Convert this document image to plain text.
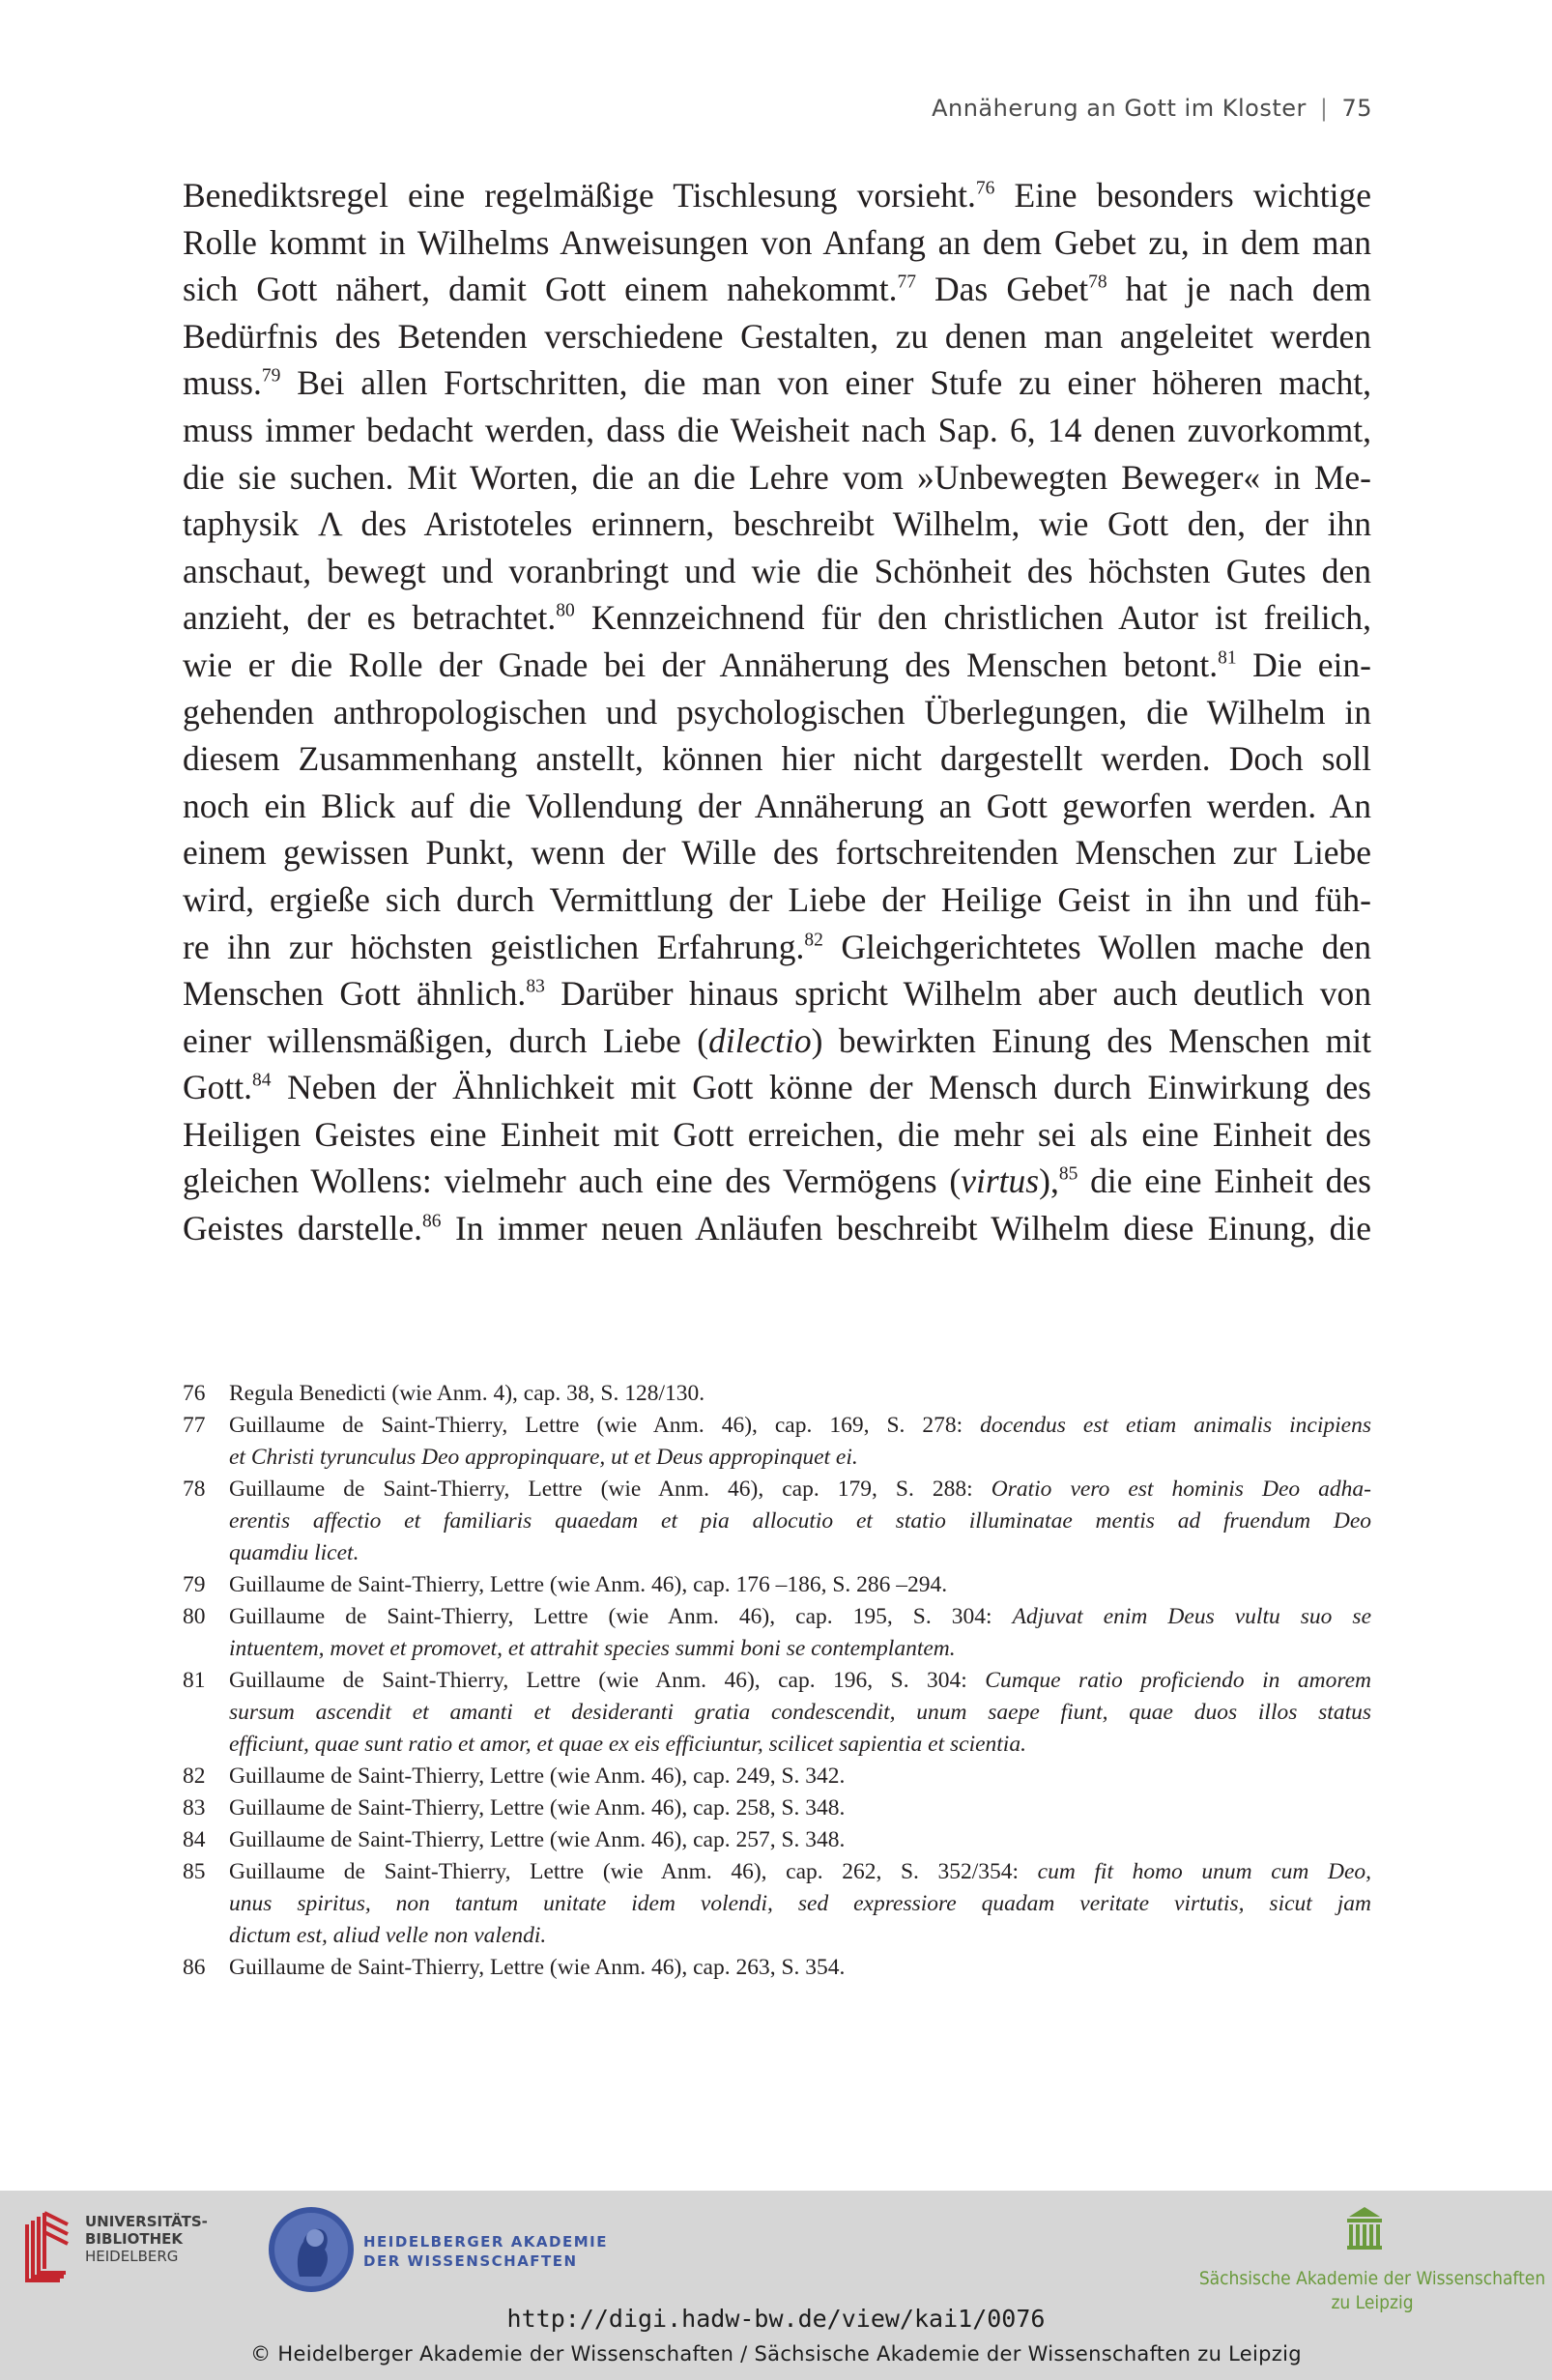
Annäherung an Gott im Kloster | 75

Benediktsregel eine regelmäßige Tischlesung vorsieht.$^{76}$ Eine besonders wichtige
Rolle kommt in Wilhelms Anweisungen von Anfang an dem Gebet zu, in dem man
sich Gott nähert, damit Gott einem nahekommt.$^{77}$ Das Gebet$^{78}$ hat je nach dem
Bedürfnis des Betenden verschiedene Gestalten, zu denen man angeleitet werden
muss.$^{79}$ Bei allen Fortschritten, die man von einer Stufe zu einer höheren macht,
muss immer bedacht werden, dass die Weisheit nach Sap. 6, 14 denen zuvorkommt,
die sie suchen. Mit Worten, die an die Lehre vom »Unbewegten Beweger« in Me-
taphysik Λ des Aristoteles erinnern, beschreibt Wilhelm, wie Gott den, der ihn
anschaut, bewegt und voranbringt und wie die Schönheit des höchsten Gutes den
anzieht, der es betrachtet.$^{80}$ Kennzeichnend für den christlichen Autor ist freilich,
wie er die Rolle der Gnade bei der Annäherung des Menschen betont.$^{81}$ Die ein-
gehenden anthropologischen und psychologischen Überlegungen, die Wilhelm in
diesem Zusammenhang anstellt, können hier nicht dargestellt werden. Doch soll
noch ein Blick auf die Vollendung der Annäherung an Gott geworfen werden. An
einem gewissen Punkt, wenn der Wille des fortschreitenden Menschen zur Liebe
wird, ergieße sich durch Vermittlung der Liebe der Heilige Geist in ihn und füh-
re ihn zur höchsten geistlichen Erfahrung.$^{82}$ Gleichgerichtetes Wollen mache den
Menschen Gott ähnlich.$^{83}$ Darüber hinaus spricht Wilhelm aber auch deutlich von
einer willensmäßigen, durch Liebe (dilectio) bewirkten Einung des Menschen mit
Gott.$^{84}$ Neben der Ähnlichkeit mit Gott könne der Mensch durch Einwirkung des
Heiligen Geistes eine Einheit mit Gott erreichen, die mehr sei als eine Einheit des
gleichen Wollens: vielmehr auch eine des Vermögens (virtus),$^{85}$ die eine Einheit des
Geistes darstelle.$^{86}$ In immer neuen Anläufen beschreibt Wilhelm diese Einung, die

76	Regula Benedicti (wie Anm. 4), cap. 38, S. 128/130.
77	Guillaume de Saint-Thierry, Lettre (wie Anm. 46), cap. 169, S. 278: docendus est etiam animalis incipiens
et Christi tyrunculus Deo appropinquare, ut et Deus appropinquet ei.
78	Guillaume de Saint-Thierry, Lettre (wie Anm. 46), cap. 179, S. 288: Oratio vero est hominis Deo adha-
erentis affectio et familiaris quaedam et pia allocutio et statio illuminatae mentis ad fruendum Deo
quamdiu licet.
79	Guillaume de Saint-Thierry, Lettre (wie Anm. 46), cap. 176 –186, S. 286 –294.
80	Guillaume de Saint-Thierry, Lettre (wie Anm. 46), cap. 195, S. 304: Adjuvat enim Deus vultu suo se
intuentem, movet et promovet, et attrahit species summi boni se contemplantem.
81	Guillaume de Saint-Thierry, Lettre (wie Anm. 46), cap. 196, S. 304: Cumque ratio proficiendo in amorem
sursum ascendit et amanti et desideranti gratia condescendit, unum saepe fiunt, quae duos illos status
efficiunt, quae sunt ratio et amor, et quae ex eis efficiuntur, scilicet sapientia et scientia.
82	Guillaume de Saint-Thierry, Lettre (wie Anm. 46), cap. 249, S. 342.
83	Guillaume de Saint-Thierry, Lettre (wie Anm. 46), cap. 258, S. 348.
84	Guillaume de Saint-Thierry, Lettre (wie Anm. 46), cap. 257, S. 348.
85	Guillaume de Saint-Thierry, Lettre (wie Anm. 46), cap. 262, S. 352/354: cum fit homo unum cum Deo,
unus spiritus, non tantum unitate idem volendi, sed expressiore quadam veritate virtutis, sicut jam
dictum est, aliud velle non valendi.
86	Guillaume de Saint-Thierry, Lettre (wie Anm. 46), cap. 263, S. 354.
UNIVERSITÄTS-
BIBLIOTHEK
HEIDELBERG
HEIDELBERGER AKADEMIE
DER WISSENSCHAFTEN
Sächsische Akademie der Wissenschaften
zu Leipzig
http://digi.hadw-bw.de/view/kai1/0076
© Heidelberger Akademie der Wissenschaften / Sächsische Akademie der Wissenschaften zu Leipzig
